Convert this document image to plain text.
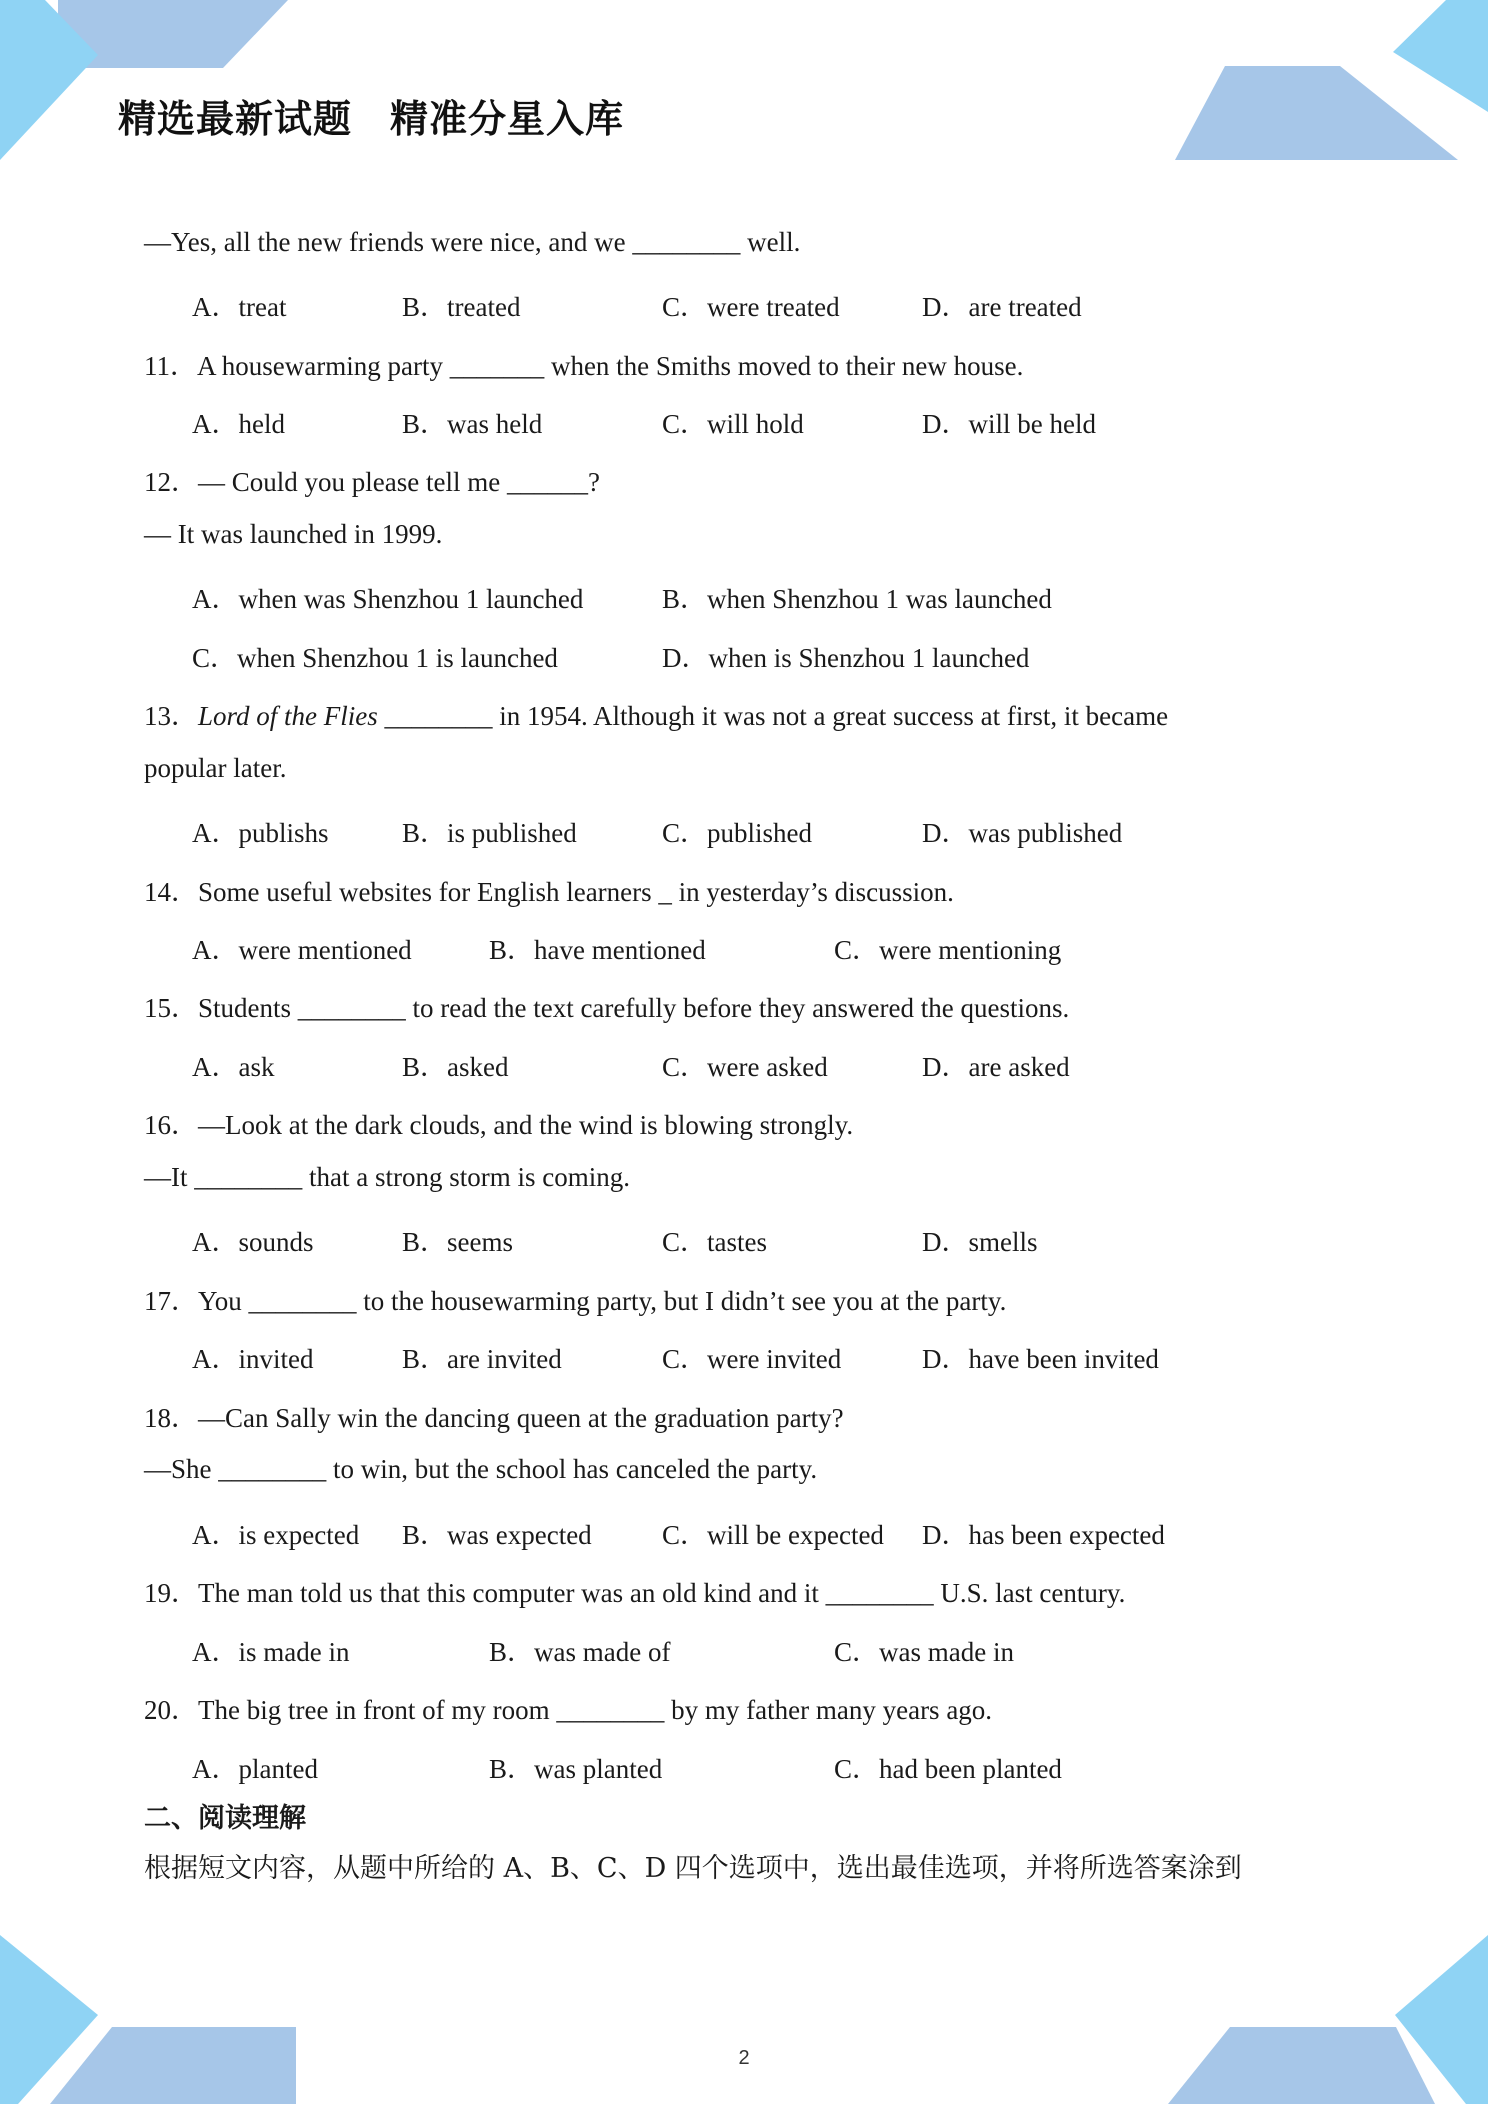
精选最新试题 精准分星入库
—Yes, all the new friends were nice, and we ________ well.
A．treat	B．treated	C．were treated	D．are treated
11．A housewarming party _______ when the Smiths moved to their new house.
A．held	B．was held	C．will hold	D．will be held
12．— Could you please tell me ______?
— It was launched in 1999.
A．when was Shenzhou 1 launched	B．when Shenzhou 1 was launched
C．when Shenzhou 1 is launched	D．when is Shenzhou 1 launched
13．Lord of the Flies ________ in 1954. Although it was not a great success at first, it became
popular later.
A．publishs	B．is published	C．published	D．was published
14．Some useful websites for English learners _ in yesterday’s discussion.
A．were mentioned	B．have mentioned	C．were mentioning
15．Students ________ to read the text carefully before they answered the questions.
A．ask	B．asked	C．were asked	D．are asked
16．—Look at the dark clouds, and the wind is blowing strongly.
—It ________ that a strong storm is coming.
A．sounds	B．seems	C．tastes	D．smells
17．You ________ to the housewarming party, but I didn’t see you at the party.
A．invited	B．are invited	C．were invited	D．have been invited
18．—Can Sally win the dancing queen at the graduation party?
—She ________ to win, but the school has canceled the party.
A．is expected B．was expected	C．will be expected D．has been expected
19．The man told us that this computer was an old kind and it ________ U.S. last century.
A．is made in	B．was made of	C．was made in
20．The big tree in front of my room ________ by my father many years ago.
A．planted	B．was planted	C．had been planted
二、阅读理解
根据短文内容，从题中所给的 A、B、C、D 四个选项中，选出最佳选项，并将所选答案涂到
2
